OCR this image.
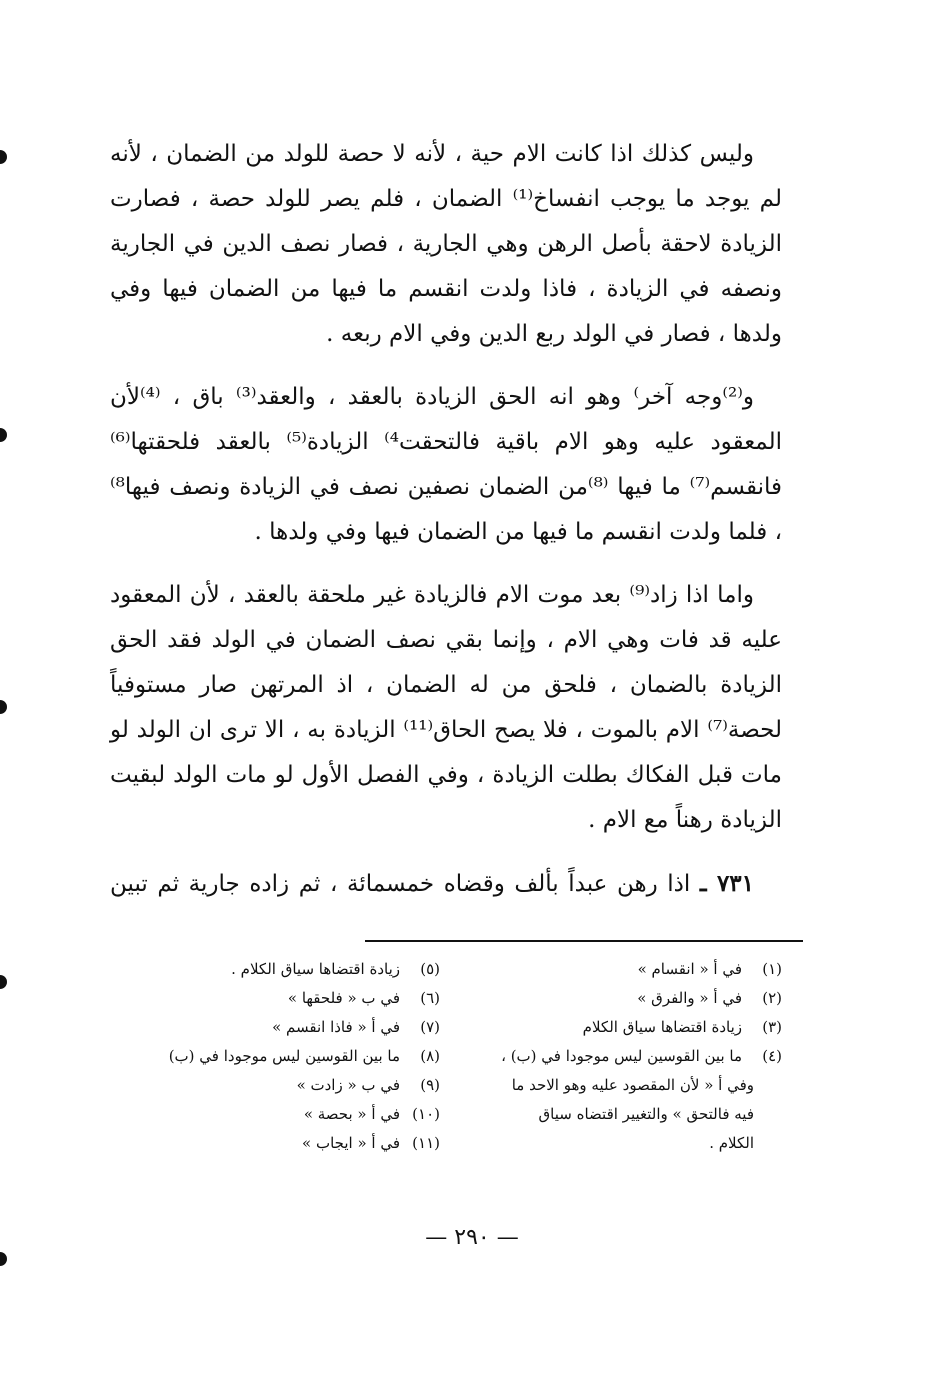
وليس كذلك اذا كانت الام حية ، لأنه لا حصة للولد من الضمان ، لأنه لم يوجد ما يوجب انفساخ⁽¹⁾ الضمان ، فلم يصر للولد حصة ، فصارت الزيادة لاحقة بأصل الرهن وهي الجارية ، فصار نصف الدين في الجارية ونصفه في الزيادة ، فاذا ولدت انقسم ما فيها من الضمان فيها وفي ولدها ، فصار في الولد ربع الدين وفي الام ربعه .

و⁽²⁾وجه آخر⁾ وهو انه الحق الزيادة بالعقد ، والعقد⁽³⁾ باق ، ⁽⁴⁾لأن المعقود عليه وهو الام باقية فالتحقت⁴⁾ الزيادة⁽⁵⁾ بالعقد فلحقتها⁽⁶⁾ فانقسم⁽⁷⁾ ما فيها ⁽⁸⁾من الضمان نصفين نصف في الزيادة ونصف فيها⁸⁾ ، فلما ولدت انقسم ما فيها من الضمان فيها وفي ولدها .

واما اذا زاد⁽⁹⁾ بعد موت الام فالزيادة غير ملحقة بالعقد ، لأن المعقود عليه قد فات وهي الام ، وإنما بقي نصف الضمان في الولد فقد الحق الزيادة بالضمان ، فلحق من له الضمان ، اذ المرتهن صار مستوفياً لحصة⁽⁷⁾ الام بالموت ، فلا يصح الحاق⁽¹¹⁾ الزيادة به ، الا ترى ان الولد لو مات قبل الفكاك بطلت الزيادة ، وفي الفصل الأول لو مات الولد لبقيت الزيادة رهناً مع الام .

٧٣١ ـ اذا رهن عبداً بألف وقضاه خمسمائة ، ثم زاده جارية ثم تبين

(١)
في أ « انقسام »
(٢)
في أ « والفرق »
(٣)
زيادة اقتضاها سياق الكلام
(٤)
ما بين القوسين ليس موجودا في (ب) ،
وفي أ « لأن المقصود عليه وهو الاحد ما
فيه فالتحق » والتغيير اقتضاه سياق
الكلام .
(٥)
زيادة اقتضاها سياق الكلام .
(٦)
في ب « فلحقها »
(٧)
في أ « فاذا انقسم »
(٨)
ما بين القوسين ليس موجودا في (ب)
(٩)
في ب « زادت »
(١٠)
في أ « بحصة »
(١١)
في أ « ايجاب »
— ٢٩٠ —
